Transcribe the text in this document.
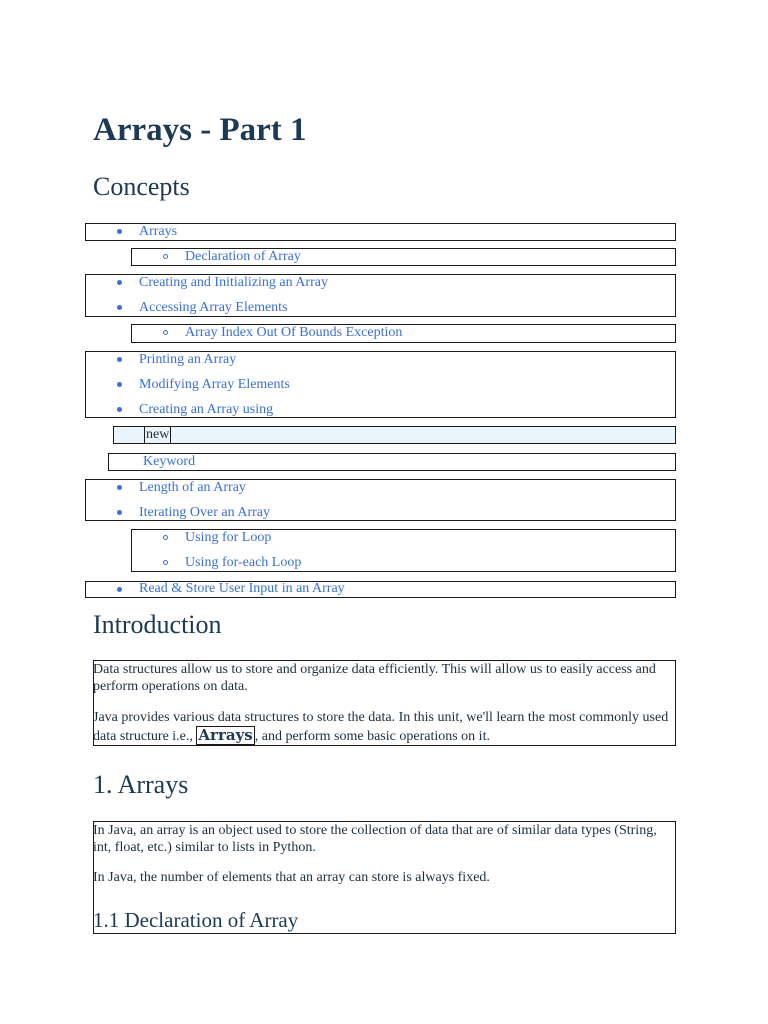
Arrays - Part 1
Concepts
Arrays
Declaration of Array
Creating and Initializing an Array
Accessing Array Elements
Array Index Out Of Bounds Exception
Printing an Array
Modifying Array Elements
Creating an Array using
new
Keyword
Length of an Array
Iterating Over an Array
Using for Loop
Using for-each Loop
Read & Store User Input in an Array
Introduction

Data structures allow us to store and organize data efficiently. This will allow us to easily access and perform operations on data.

Java provides various data structures to store the data. In this unit, we'll learn the most commonly used data structure i.e., Arrays , and perform some basic operations on it.

1. Arrays

In Java, an array is an object used to store the collection of data that are of similar data types (String, int, float, etc.) similar to lists in Python.

In Java, the number of elements that an array can store is always fixed.

1.1 Declaration of Array
